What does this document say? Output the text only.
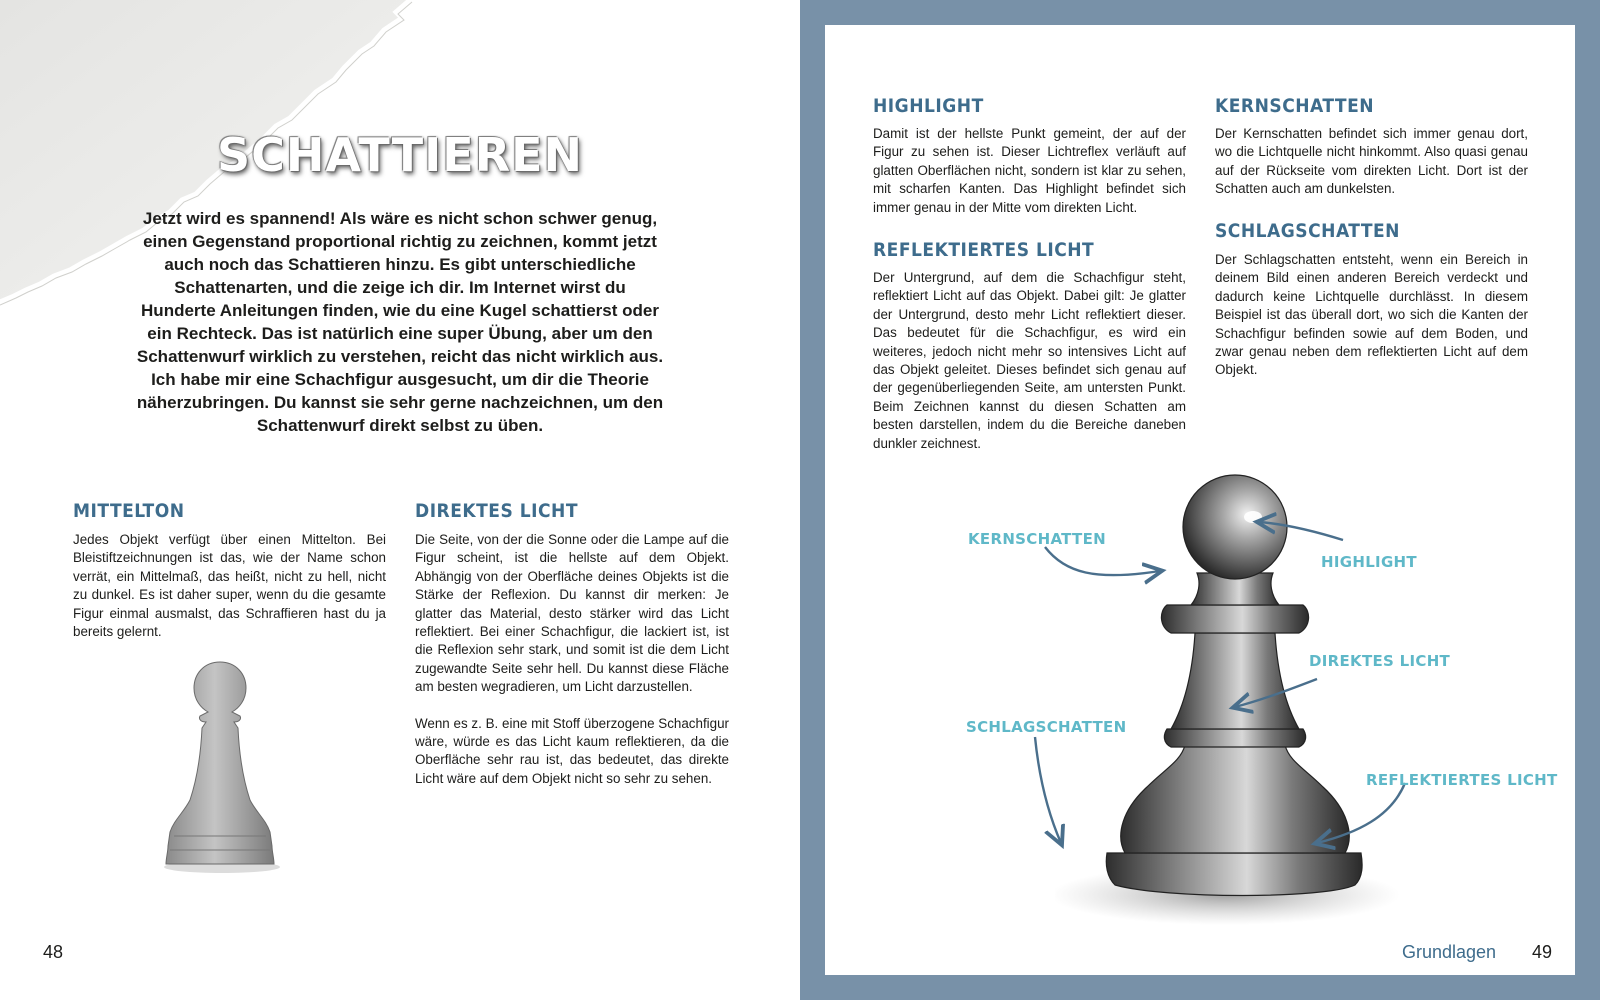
SCHATTIEREN
Jetzt wird es spannend! Als wäre es nicht schon schwer genug, einen Gegenstand proportional richtig zu zeichnen, kommt jetzt auch noch das Schattieren hinzu. Es gibt unterschiedliche Schattenarten, und die zeige ich dir. Im Internet wirst du Hunderte Anleitungen finden, wie du eine Kugel schattierst oder ein Rechteck. Das ist natürlich eine super Übung, aber um den Schattenwurf wirklich zu verstehen, reicht das nicht wirklich aus. Ich habe mir eine Schachfigur ausgesucht, um dir die Theorie näherzubringen. Du kannst sie sehr gerne nachzeichnen, um den Schattenwurf direkt selbst zu üben.
MITTELTON
Jedes Objekt verfügt über einen Mittelton. Bei Bleistiftzeichnungen ist das, wie der Name schon verrät, ein Mittelmaß, das heißt, nicht zu hell, nicht zu dunkel. Es ist daher super, wenn du die gesamte Figur einmal ausmalst, das Schraffieren hast du ja bereits gelernt.
DIREKTES LICHT

Die Seite, von der die Sonne oder die Lampe auf die Figur scheint, ist die hellste auf dem Objekt. Abhängig von der Oberfläche deines Objekts ist die Stärke der Reflexion. Du kannst dir merken: Je glatter das Material, desto stärker wird das Licht reflektiert. Bei einer Schachfigur, die lackiert ist, ist die Reflexion sehr stark, und somit ist die dem Licht zugewandte Seite sehr hell. Du kannst diese Fläche am besten wegradieren, um Licht darzustellen.

Wenn es z. B. eine mit Stoff überzogene Schachfigur wäre, würde es das Licht kaum reflektieren, da die Oberfläche sehr rau ist, das bedeutet, das direkte Licht wäre auf dem Objekt nicht so sehr zu sehen.

48
HIGHLIGHT
Damit ist der hellste Punkt gemeint, der auf der Figur zu sehen ist. Dieser Lichtreflex verläuft auf glatten Oberflächen nicht, sondern ist klar zu sehen, mit scharfen Kanten. Das Highlight befindet sich immer genau in der Mitte vom direkten Licht.
REFLEKTIERTES LICHT
Der Untergrund, auf dem die Schachfigur steht, reflektiert Licht auf das Objekt. Dabei gilt: Je glatter der Untergrund, desto mehr Licht reflektiert dieser. Das bedeutet für die Schachfigur, es wird ein weiteres, jedoch nicht mehr so intensives Licht auf das Objekt geleitet. Dieses befindet sich genau auf der gegenüberliegenden Seite, am untersten Punkt. Beim Zeichnen kannst du diesen Schatten am besten darstellen, indem du die Bereiche daneben dunkler zeichnest.
KERNSCHATTEN
Der Kernschatten befindet sich immer genau dort, wo die Lichtquelle nicht hinkommt. Also quasi genau auf der Rückseite vom direkten Licht. Dort ist der Schatten auch am dunkelsten.
SCHLAGSCHATTEN
Der Schlagschatten entsteht, wenn ein Bereich in deinem Bild einen anderen Bereich verdeckt und dadurch keine Lichtquelle durchlässt. In diesem Beispiel ist das überall dort, wo sich die Kanten der Schachfigur befinden sowie auf dem Boden, und zwar genau neben dem reflektierten Licht auf dem Objekt.
KERNSCHATTEN
HIGHLIGHT
DIREKTES LICHT
SCHLAGSCHATTEN
REFLEKTIERTES LICHT
Grundlagen 49
